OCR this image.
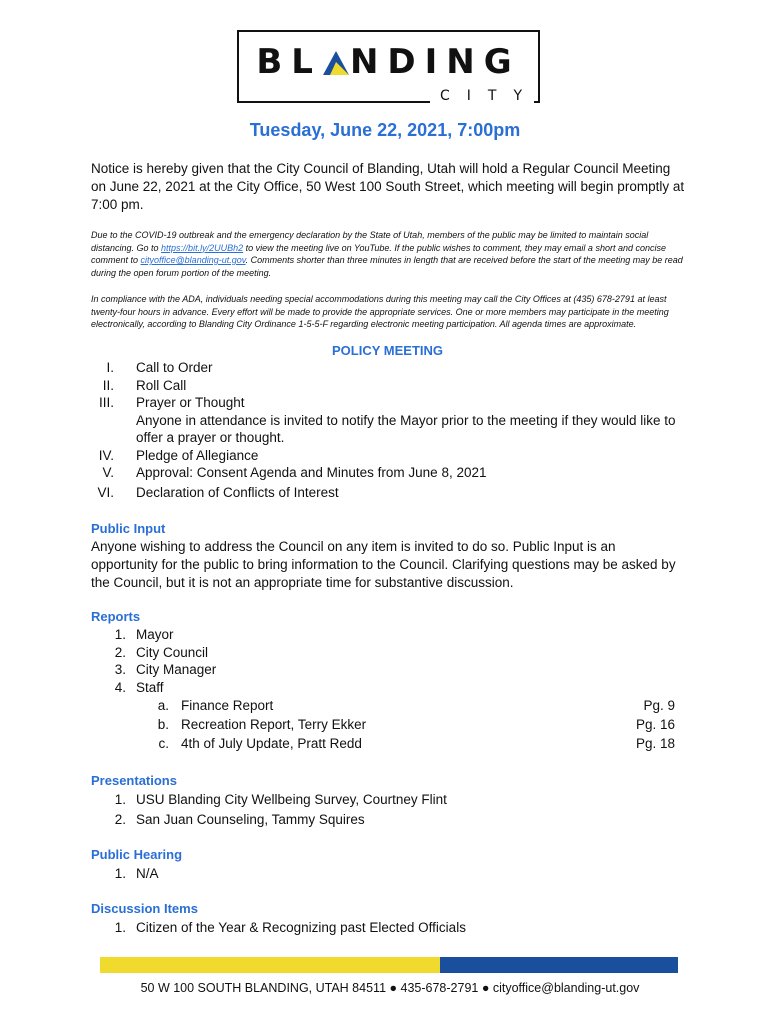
BL NDING
CITY
Tuesday, June 22, 2021, 7:00pm
Notice is hereby given that the City Council of Blanding, Utah will hold a Regular Council Meeting on June 22, 2021 at the City Office, 50 West 100 South Street, which meeting will begin promptly at 7:00 pm.
Due to the COVID-19 outbreak and the emergency declaration by the State of Utah, members of the public may be limited to maintain social distancing. Go to https://bit.ly/2UUBh2 to view the meeting live on YouTube. If the public wishes to comment, they may email a short and concise comment to cityoffice@blanding-ut.gov. Comments shorter than three minutes in length that are received before the start of the meeting may be read during the open forum portion of the meeting.
In compliance with the ADA, individuals needing special accommodations during this meeting may call the City Offices at (435) 678-2791 at least twenty-four hours in advance. Every effort will be made to provide the appropriate services. One or more members may participate in the meeting electronically, according to Blanding City Ordinance 1-5-5-F regarding electronic meeting participation. All agenda times are approximate.
POLICY MEETING
I.	Call to Order
II.	Roll Call
III.	Prayer or Thought
Anyone in attendance is invited to notify the Mayor prior to the meeting if they would like to offer a prayer or thought.
IV.	Pledge of Allegiance
V.	Approval: Consent Agenda and Minutes from June 8, 2021
VI.	Declaration of Conflicts of Interest
Public Input
Anyone wishing to address the Council on any item is invited to do so. Public Input is an opportunity for the public to bring information to the Council. Clarifying questions may be asked by the Council, but it is not an appropriate time for substantive discussion.
Reports
1. Mayor
2. City Council
3. City Manager
4. Staff
a. Finance Report	Pg. 9
b. Recreation Report, Terry Ekker	Pg. 16
c. 4th of July Update, Pratt Redd	Pg. 18
Presentations
1. USU Blanding City Wellbeing Survey, Courtney Flint
2. San Juan Counseling, Tammy Squires
Public Hearing
1. N/A
Discussion Items
1. Citizen of the Year & Recognizing past Elected Officials
50 W 100 SOUTH BLANDING, UTAH 84511 ● 435-678-2791 ● cityoffice@blanding-ut.gov
